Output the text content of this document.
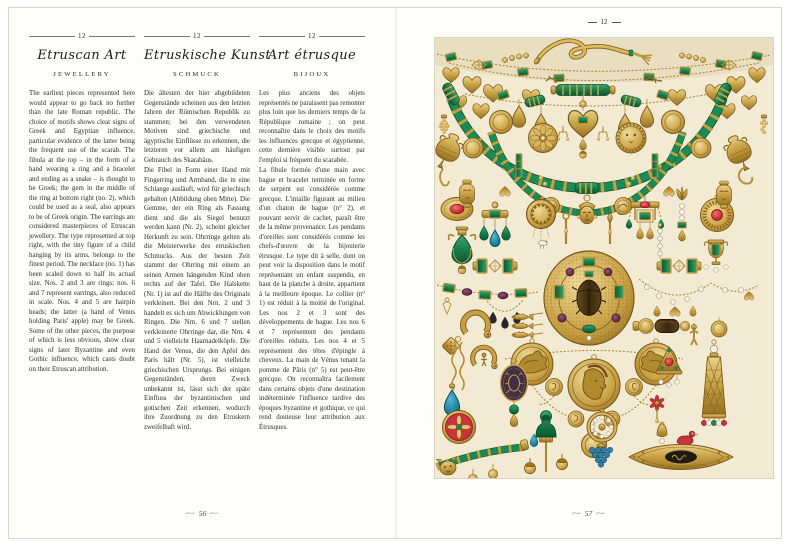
12
Etruscan Art
JEWELLERY

The earliest pieces represented here would appear to go back no further than the late Roman republic. The choice of motifs shows clear signs of Greek and Egyptian influence, particular evidence of the latter being the frequent use of the scarab. The fibula at the top – in the form of a hand wearing a ring and a bracelet and ending as a snake – is thought to be Greek; the gem in the middle of the ring at bottom right (no. 2), which could be used as a seal, also appears to be of Greek origin. The earrings are considered masterpieces of Etruscan jewellery. The type represented at top right, with the tiny figure of a child hanging by its arms, belongs to the finest period. The necklace (no. 1) has been scaled down to half its actual size. Nos. 2 and 3 are rings; nos. 6 and 7 represent earrings, also reduced in scale. Nos. 4 and 5 are hairpin heads; the latter (a hand of Venus holding Paris' apple) may be Greek. Some of the other pieces, the purpose of which is less obvious, show clear signs of later Byzantine and even Gothic influence, which casts doubt on their Etruscan attribution.

12
Etruskische Kunst
SCHMUCK

Die ältesten der hier abgebildeten Gegenstände scheinen aus den letzten Jahren der Römischen Republik zu stammen; bei den verwendeten Motiven sind griechische und ägyptische Einflüsse zu erkennen, die letzteren vor allem am häufigen Gebrauch des Skarabäus.

Die Fibel in Form einer Hand mit Fingerring und Armband, die in eine Schlange ausläuft, wird für griechisch gehalten (Abbildung oben Mitte). Die Gemme, der ein Ring als Fassung dient und die als Siegel benutzt werden kann (Nr. 2), scheint gleicher Herkunft zu sein. Ohrringe gelten als die Meisterwerke des etruskischen Schmucks. Aus der besten Zeit stammt der Ohrring mit einem an seinen Armen hängenden Kind oben rechts auf der Tafel. Die Halskette (Nr. 1) ist auf die Hälfte des Originals verkleinert. Bei den Nrn. 2 und 3 handelt es sich um Abwicklungen von Ringen. Die Nrn. 6 und 7 stellen verkleinerte Ohrringe dar, die Nrn. 4 und 5 vielleicht Haarnadelköpfe. Die Hand der Venus, die den Apfel des Paris hält (Nr. 5), ist vielleicht griechischen Ursprungs. Bei einigen Gegenständen, deren Zweck unbekannt ist, lässt sich der späte Einfluss der byzantinischen und gotischen Zeit erkennen, wodurch ihre Zuordnung zu den Etruskern zweifelhaft wird.

12
Art étrusque
BIJOUX

Les plus anciens des objets représentés ne paraissent pas remonter plus loin que les derniers temps de la République romaine ; on peut reconnaître dans le choix des motifs les influences grecque et égyptienne, cette dernière visible surtout par l'emploi si fréquent du scarabée.

La fibule formée d'une main avec bague et bracelet terminée en forme de serpent est considérée comme grecque. L'intaille figurant au milieu d'un chaton de bague (n° 2), et pouvant servir de cachet, paraît être de la même provenance. Les pendants d'oreilles sont considérés comme les chefs-d'œuvre de la bijouterie étrusque. Le type dit à selle, dont on peut voir la disposition dans le motif représentant un enfant suspendu, en haut de la planche à droite, appartient à la meilleure époque. Le collier (n° 1) est réduit à la moitié de l'original. Les nos 2 et 3 sont des développements de bague. Les nos 6 et 7 représentent des pendants d'oreilles réduits. Les nos 4 et 5 représentent des têtes d'épingle à cheveux. La main de Vénus tenant la pomme de Pâris (n° 5) est peut-être grecque. On reconnaîtra facilement dans certains objets d'une destination indéterminée l'influence tardive des époques byzantine et gothique, ce qui rend douteuse leur attribution aux Étrusques.

~ 56 ~
12
~ 57 ~
